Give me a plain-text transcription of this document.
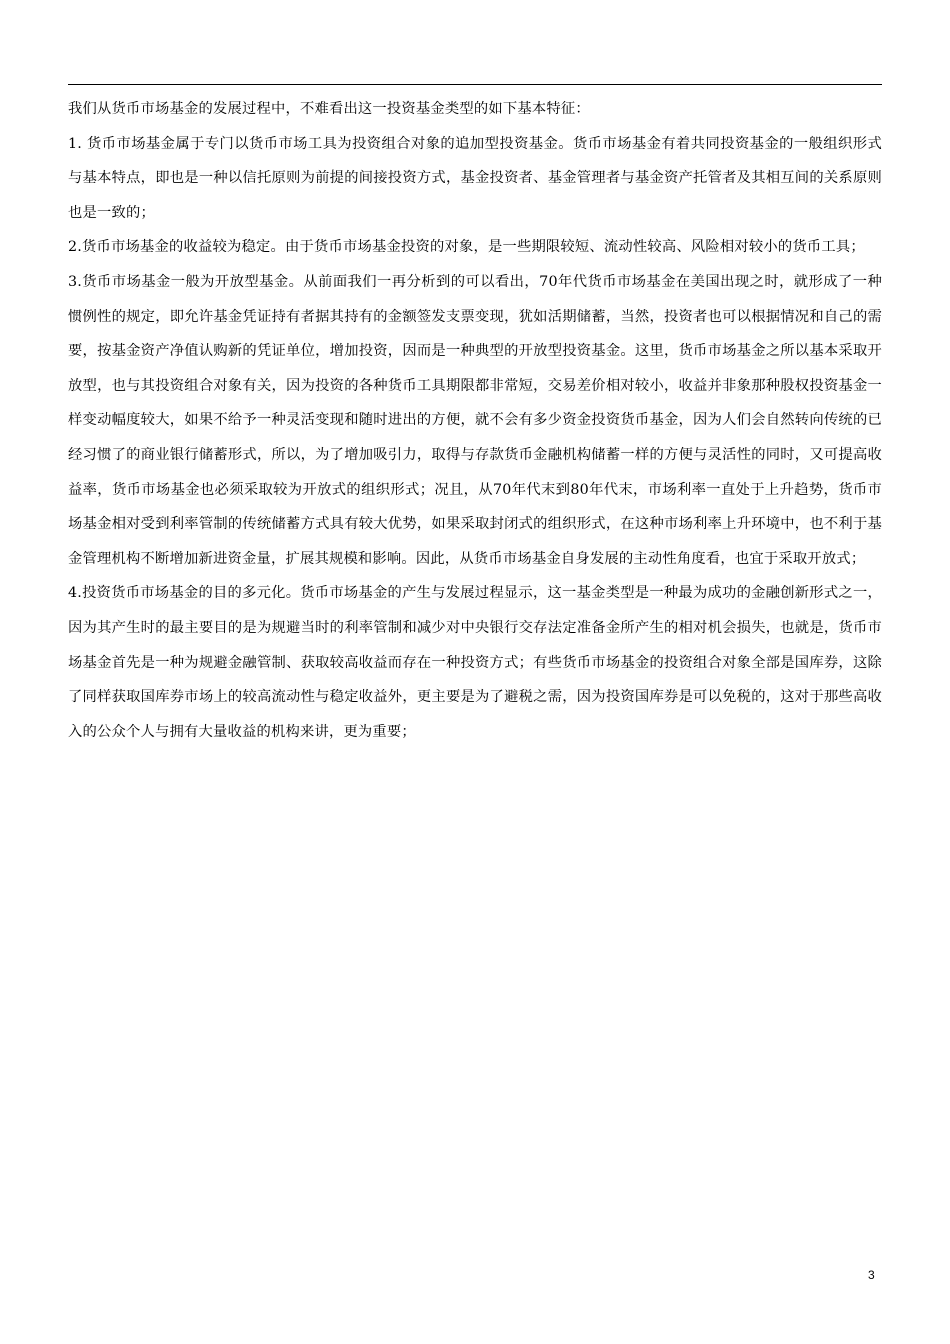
我们从货币市场基金的发展过程中，不难看出这一投资基金类型的如下基本特征：

1. 货币市场基金属于专门以货币市场工具为投资组合对象的追加型投资基金。货币市场基金有着共同投资基金的一般组织形式与基本特点，即也是一种以信托原则为前提的间接投资方式，基金投资者、基金管理者与基金资产托管者及其相互间的关系原则也是一致的；

2.货币市场基金的收益较为稳定。由于货币市场基金投资的对象，是一些期限较短、流动性较高、风险相对较小的货币工具；

3.货币市场基金一般为开放型基金。从前面我们一再分析到的可以看出，70年代货币市场基金在美国出现之时，就形成了一种惯例性的规定，即允许基金凭证持有者据其持有的金额签发支票变现，犹如活期储蓄，当然，投资者也可以根据情况和自己的需要，按基金资产净值认购新的凭证单位，增加投资，因而是一种典型的开放型投资基金。这里，货币市场基金之所以基本采取开放型，也与其投资组合对象有关，因为投资的各种货币工具期限都非常短，交易差价相对较小，收益并非象那种股权投资基金一样变动幅度较大，如果不给予一种灵活变现和随时进出的方便，就不会有多少资金投资货币基金，因为人们会自然转向传统的已经习惯了的商业银行储蓄形式，所以，为了增加吸引力，取得与存款货币金融机构储蓄一样的方便与灵活性的同时，又可提高收益率，货币市场基金也必须采取较为开放式的组织形式；况且，从70年代末到80年代末，市场利率一直处于上升趋势，货币市场基金相对受到利率管制的传统储蓄方式具有较大优势，如果采取封闭式的组织形式，在这种市场利率上升环境中，也不利于基金管理机构不断增加新进资金量，扩展其规模和影响。因此，从货币市场基金自身发展的主动性角度看，也宜于采取开放式；

4.投资货币市场基金的目的多元化。货币市场基金的产生与发展过程显示，这一基金类型是一种最为成功的金融创新形式之一，因为其产生时的最主要目的是为规避当时的利率管制和减少对中央银行交存法定准备金所产生的相对机会损失，也就是，货币市场基金首先是一种为规避金融管制、获取较高收益而存在一种投资方式；有些货币市场基金的投资组合对象全部是国库券，这除了同样获取国库券市场上的较高流动性与稳定收益外，更主要是为了避税之需，因为投资国库券是可以免税的，这对于那些高收入的公众个人与拥有大量收益的机构来讲，更为重要；

3
